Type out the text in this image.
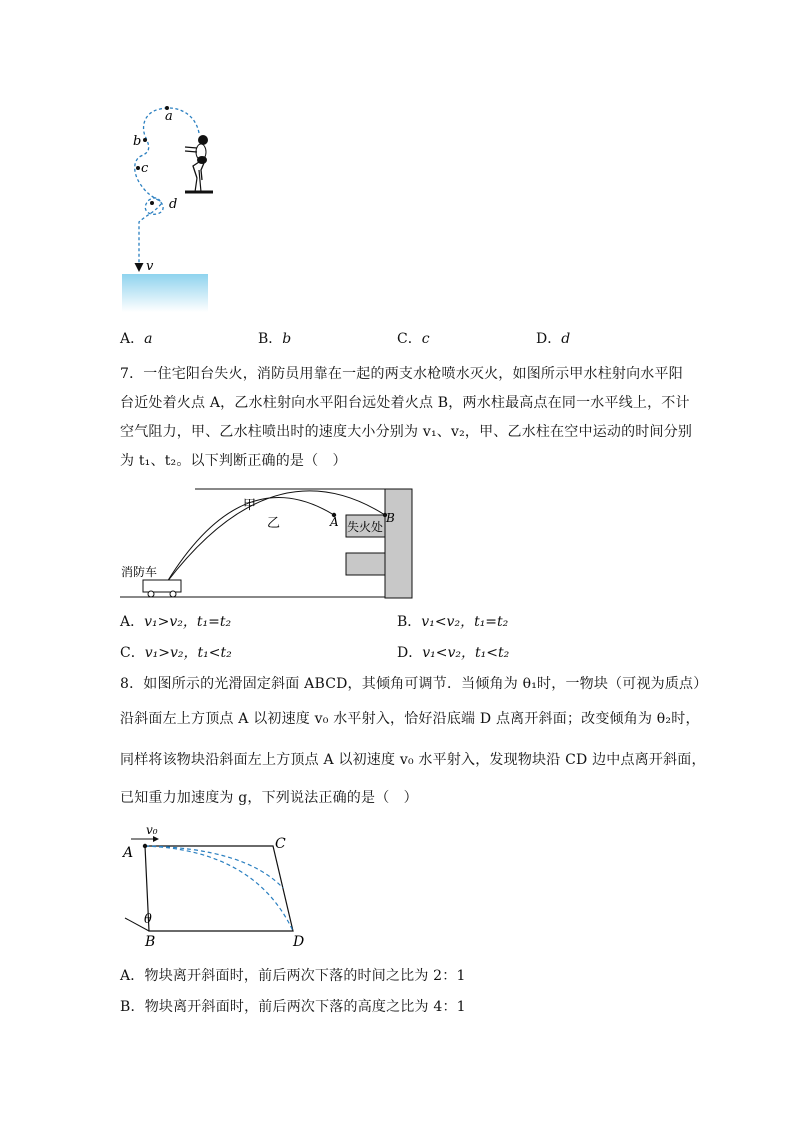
a
b
c
d
v
A．a	B．b	C．c	D．d
7．一住宅阳台失火，消防员用靠在一起的两支水枪喷水灭火，如图所示甲水柱射向水平阳
台近处着火点 A，乙水柱射向水平阳台远处着火点 B，两水柱最高点在同一水平线上，不计
空气阻力，甲、乙水柱喷出时的速度大小分别为 v₁、v₂，甲、乙水柱在空中运动的时间分别
为 t₁、t₂。以下判断正确的是（　）
甲
乙	A	B
失火处
消防车
A．v₁>v₂，t₁=t₂	B．v₁<v₂，t₁=t₂
C．v₁>v₂，t₁<t₂	D．v₁<v₂，t₁<t₂
8．如图所示的光滑固定斜面 ABCD，其倾角可调节．当倾角为 θ₁时，一物块（可视为质点）
沿斜面左上方顶点 A 以初速度 v₀ 水平射入，恰好沿底端 D 点离开斜面；改变倾角为 θ₂时，
同样将该物块沿斜面左上方顶点 A 以初速度 v₀ 水平射入，发现物块沿 CD 边中点离开斜面，
已知重力加速度为 g，下列说法正确的是（　）
v₀
A
C
B	D
θ
A．物块离开斜面时，前后两次下落的时间之比为 2：1
B．物块离开斜面时，前后两次下落的高度之比为 4：1
